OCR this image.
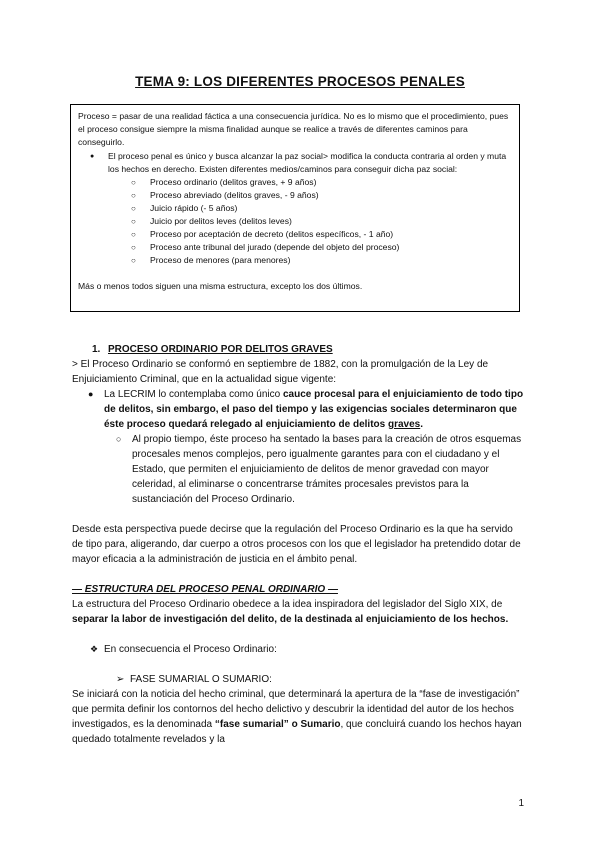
TEMA 9: LOS DIFERENTES PROCESOS PENALES

Proceso = pasar de una realidad fáctica a una consecuencia jurídica. No es lo mismo que el procedimiento, pues el proceso consigue siempre la misma finalidad aunque se realice a través de diferentes caminos para conseguirlo.

● El proceso penal es único y busca alcanzar la paz social> modifica la conducta contraria al orden y muta los hechos en derecho. Existen diferentes medios/caminos para conseguir dicha paz social:

○ Proceso ordinario (delitos graves, + 9 años)
○ Proceso abreviado (delitos graves, - 9 años)
○ Juicio rápido (- 5 años)
○ Juicio por delitos leves (delitos leves)
○ Proceso por aceptación de decreto (delitos específicos, - 1 año)
○ Proceso ante tribunal del jurado (depende del objeto del proceso)
○ Proceso de menores (para menores)

Más o menos todos siguen una misma estructura, excepto los dos últimos.

1. PROCESO ORDINARIO POR DELITOS GRAVES

> El Proceso Ordinario se conformó en septiembre de 1882, con la promulgación de la Ley de Enjuiciamiento Criminal, que en la actualidad sigue vigente:

● La LECRIM lo contemplaba como único cauce procesal para el enjuiciamiento de todo tipo de delitos, sin embargo, el paso del tiempo y las exigencias sociales determinaron que éste proceso quedará relegado al enjuiciamiento de delitos graves.

○ Al propio tiempo, éste proceso ha sentado la bases para la creación de otros esquemas procesales menos complejos, pero igualmente garantes para con el ciudadano y el Estado, que permiten el enjuiciamiento de delitos de menor gravedad con mayor celeridad, al eliminarse o concentrarse trámites procesales previstos para la sustanciación del Proceso Ordinario.

Desde esta perspectiva puede decirse que la regulación del Proceso Ordinario es la que ha servido de tipo para, aligerando, dar cuerpo a otros procesos con los que el legislador ha pretendido dotar de mayor eficacia a la administración de justicia en el ámbito penal.

— ESTRUCTURA DEL PROCESO PENAL ORDINARIO —

La estructura del Proceso Ordinario obedece a la idea inspiradora del legislador del Siglo XIX, de separar la labor de investigación del delito, de la destinada al enjuiciamiento de los hechos.

❖ En consecuencia el Proceso Ordinario:

➢ FASE SUMARIAL O SUMARIO:

Se iniciará con la noticia del hecho criminal, que determinará la apertura de la “fase de investigación” que permita definir los contornos del hecho delictivo y descubrir la identidad del autor de los hechos investigados, es la denominada “fase sumarial” o Sumario, que concluirá cuando los hechos hayan quedado totalmente revelados y la

1
